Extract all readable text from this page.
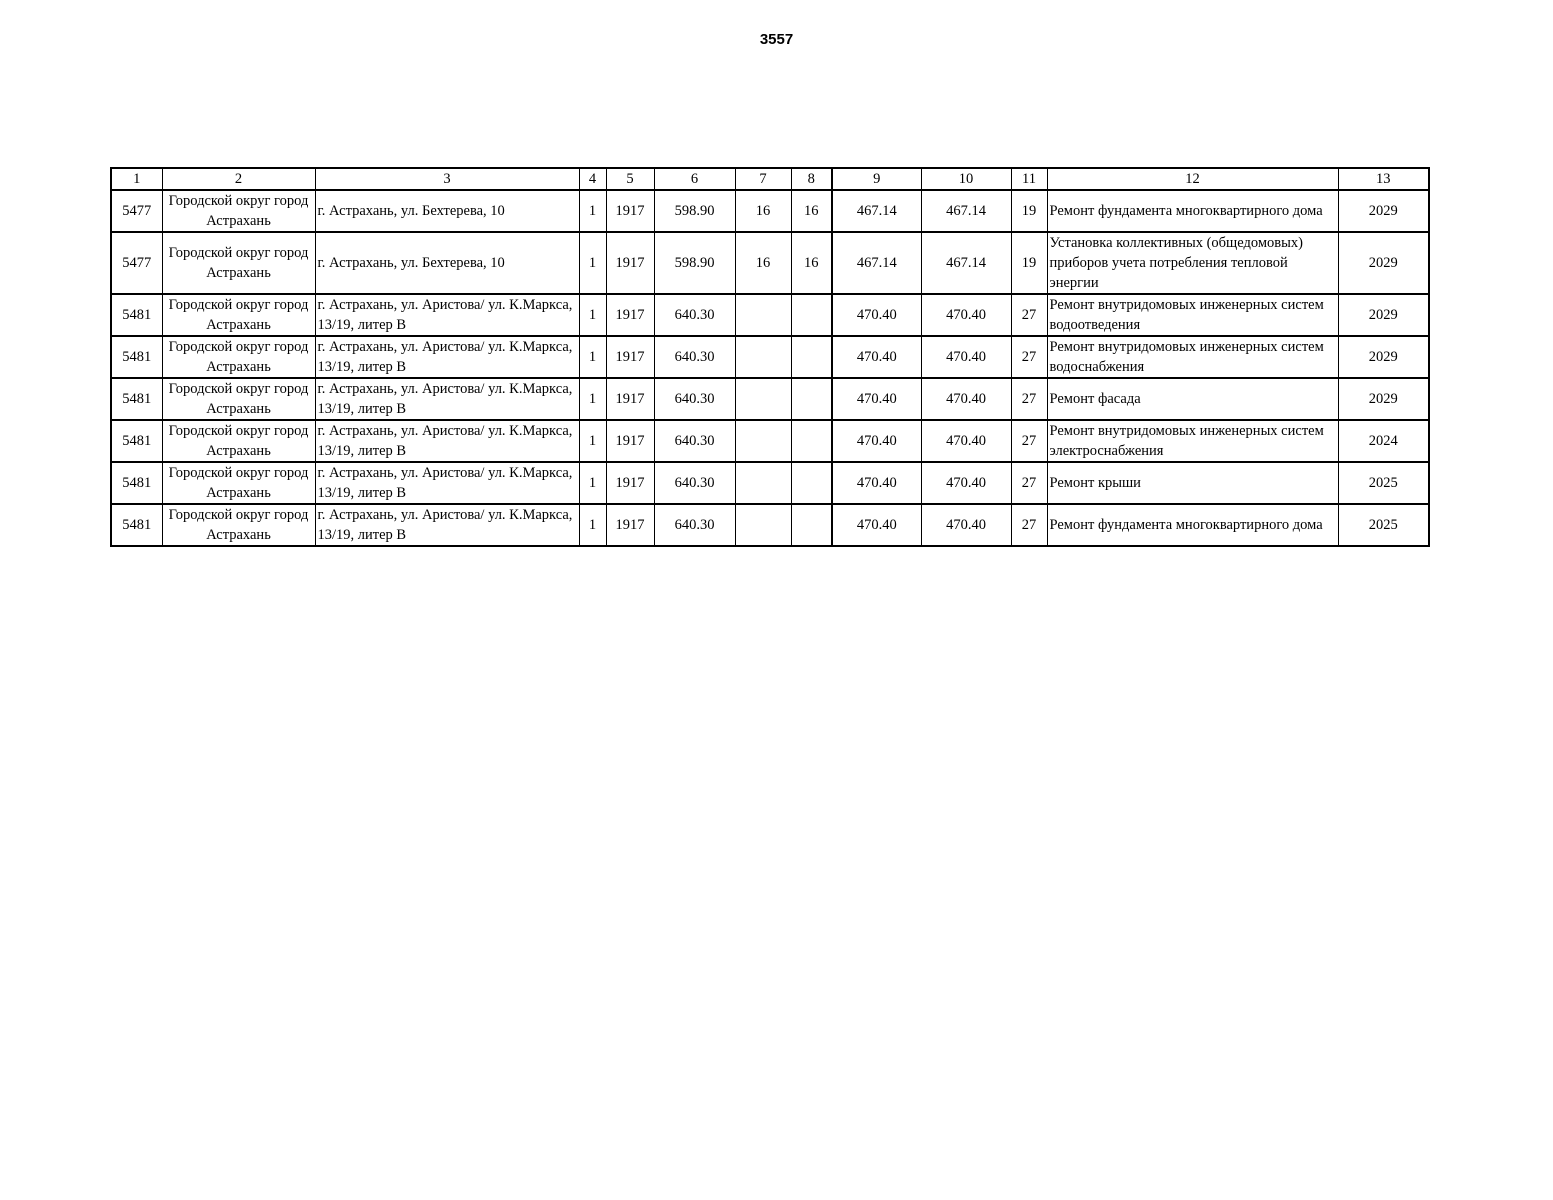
3557
1	2	3	4	5	6	7	8	9	10	11	12	13
5477	Городской округ город Астрахань	г. Астрахань, ул. Бехтерева, 10	1	1917	598.90	16	16	467.14	467.14	19	Ремонт фундамента многоквартирного дома	2029
5477	Городской округ город Астрахань	г. Астрахань, ул. Бехтерева, 10	1	1917	598.90	16	16	467.14	467.14	19	Установка коллективных (общедомовых) приборов учета потребления тепловой энергии	2029
5481	Городской округ город Астрахань	г. Астрахань, ул. Аристова/ ул. К.Маркса, 13/19, литер В	1	1917	640.30			470.40	470.40	27	Ремонт внутридомовых инженерных систем водоотведения	2029
5481	Городской округ город Астрахань	г. Астрахань, ул. Аристова/ ул. К.Маркса, 13/19, литер В	1	1917	640.30			470.40	470.40	27	Ремонт внутридомовых инженерных систем водоснабжения	2029
5481	Городской округ город Астрахань	г. Астрахань, ул. Аристова/ ул. К.Маркса, 13/19, литер В	1	1917	640.30			470.40	470.40	27	Ремонт фасада	2029
5481	Городской округ город Астрахань	г. Астрахань, ул. Аристова/ ул. К.Маркса, 13/19, литер В	1	1917	640.30			470.40	470.40	27	Ремонт внутридомовых инженерных систем электроснабжения	2024
5481	Городской округ город Астрахань	г. Астрахань, ул. Аристова/ ул. К.Маркса, 13/19, литер В	1	1917	640.30			470.40	470.40	27	Ремонт крыши	2025
5481	Городской округ город Астрахань	г. Астрахань, ул. Аристова/ ул. К.Маркса, 13/19, литер В	1	1917	640.30			470.40	470.40	27	Ремонт фундамента многоквартирного дома	2025
